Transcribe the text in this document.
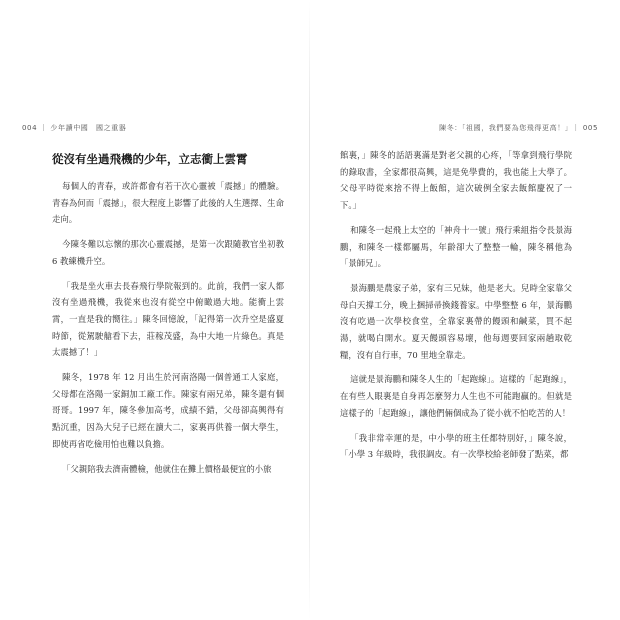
004 ｜ 少年讀中國　國之重器
從沒有坐過飛機的少年，立志衝上雲霄

每個人的青春，或許都會有若干次心靈被「震撼」的體驗。青春為何而「震撼」，很大程度上影響了此後的人生選擇、生命走向。

今陳冬難以忘懷的那次心靈震撼，是第一次跟隨教官坐初教 6 教練機升空。

「我是坐火車去長春飛行學院報到的。此前，我們一家人都沒有坐過飛機，我從來也沒有從空中俯瞰過大地。能衝上雲霄，一直是我的嚮往。」陳冬回憶說，「記得第一次升空是盛夏時節，從駕駛艙看下去，莊稼茂盛，為中大地一片綠色。真是太震撼了！」

陳冬，1978 年 12 月出生於河南洛陽一個普通工人家庭，父母都在洛陽一家銅加工廠工作。陳家有兩兄弟，陳冬還有個哥哥。1997 年，陳冬參加高考，成績不錯，父母卻高興得有點沉重，因為大兒子已經在讀大二，家裏再供養一個大學生，即使再省吃儉用怕也難以負擔。

「父親陪我去濟南體檢，他就住在攤上價格最便宜的小旅

陳冬：「祖國，我們要為您飛得更高！」｜ 005

館裏，」陳冬的話語裏滿是對老父親的心疼，「等拿到飛行學院的錄取書，全家都很高興，這是免學費的，我也能上大學了。父母平時從來捨不得上飯館，這次破例全家去飯館慶祝了一下。」

和陳冬一起飛上太空的「神舟十一號」飛行乘組指令長景海鵬，和陳冬一樣都屬馬，年齡卻大了整整一輪，陳冬稱他為「景師兄」。

景海鵬是農家子弟，家有三兄妹，他是老大。兒時全家靠父母白天撐工分，晚上捆掃帚換錢養家。中學整整 6 年，景海鵬沒有吃過一次學校食堂，全靠家裏帶的饅頭和鹹菜，買不起湯，就喝白開水。夏天饅頭容易壞，他每週要回家兩趟取乾糧，沒有自行車，70 里地全靠走。

這就是景海鵬和陳冬人生的「起跑線」。這樣的「起跑線」，在有些人眼裏是自身再怎麼努力人生也不可能跑贏的。但就是這樣子的「起跑線」，讓他們倆個成為了從小就不怕吃苦的人！

「我非常幸運的是，中小學的班主任都特別好，」陳冬說，「小學 3 年級時，我很調皮。有一次學校給老師發了點菜，都
